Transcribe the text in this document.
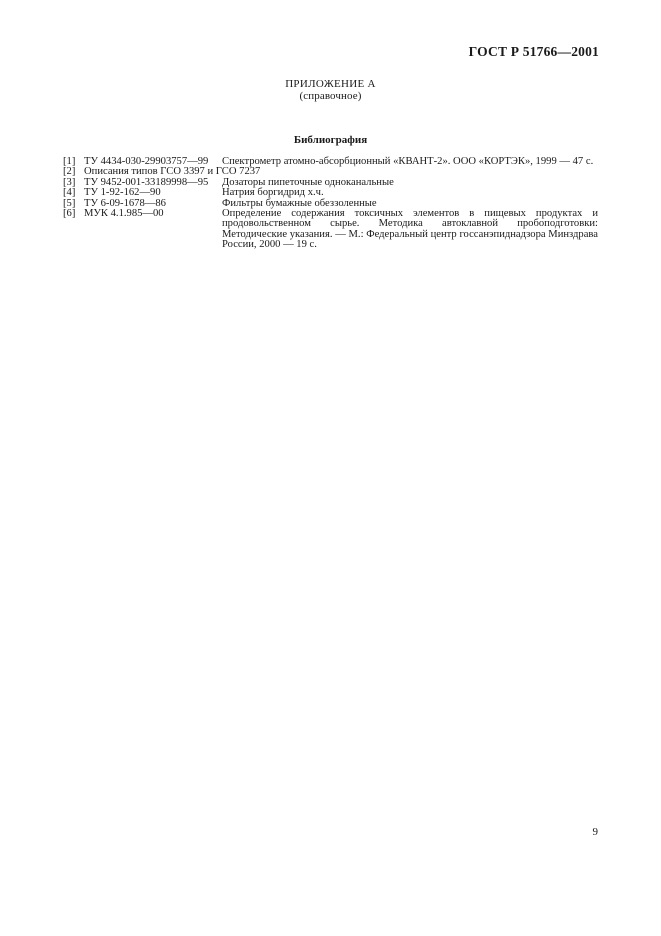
ГОСТ Р 51766—2001
ПРИЛОЖЕНИЕ А
(справочное)
Библиография
[1] ТУ 4434-030-29903757—99 Спектрометр атомно-абсорбционный «КВАНТ-2». ООО «КОРТЭК», 1999 — 47 с.
[2] Описания типов ГСО 3397 и ГСО 7237
[3] ТУ 9452-001-33189998—95 Дозаторы пипеточные одноканальные
[4] ТУ 1-92-162—90	Натрия боргидрид х.ч.
[5] ТУ 6-09-1678—86	Фильтры бумажные обеззоленные
[6] МУК 4.1.985—00	Определение содержания токсичных элементов в пищевых продуктах и продовольственном сырье. Методика автоклавной пробоподготовки: Методические указания. — М.: Федеральный центр госсанэпиднадзора Минздрава России, 2000 — 19 с.
9
